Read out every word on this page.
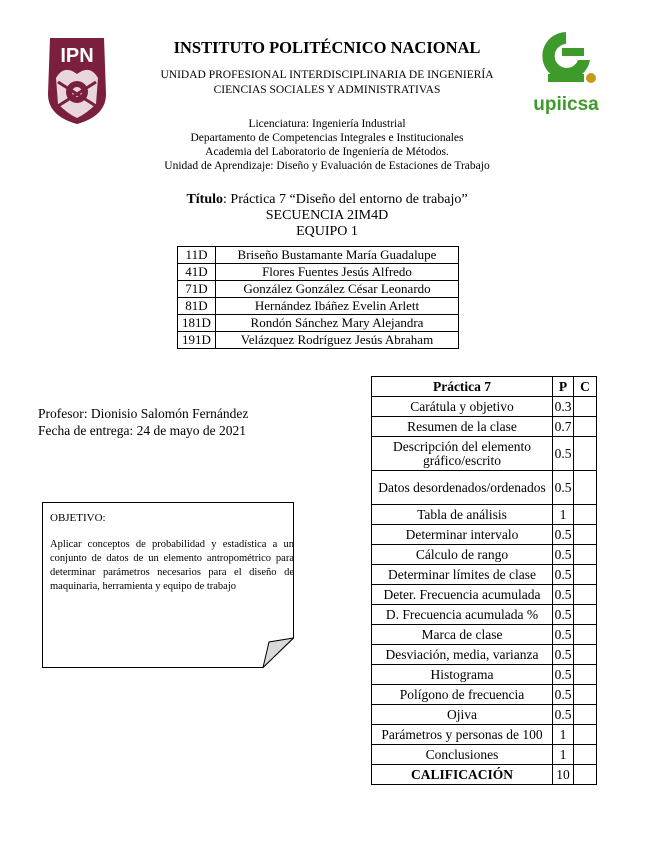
IPN
upiicsa
INSTITUTO POLITÉCNICO NACIONAL
UNIDAD PROFESIONAL INTERDISCIPLINARIA DE INGENIERÍA
CIENCIAS SOCIALES Y ADMINISTRATIVAS
Licenciatura: Ingeniería Industrial
Departamento de Competencias Integrales e Institucionales
Academia del Laboratorio de Ingeniería de Métodos.
Unidad de Aprendizaje: Diseño y Evaluación de Estaciones de Trabajo
Título: Práctica 7 “Diseño del entorno de trabajo”
SECUENCIA 2IM4D
EQUIPO 1
11D	Briseño Bustamante María Guadalupe
41D	Flores Fuentes Jesús Alfredo
71D	González González César Leonardo
81D	Hernández Ibáñez Evelin Arlett
181D	Rondón Sánchez Mary Alejandra
191D	Velázquez Rodríguez Jesús Abraham
Profesor: Dionisio Salomón Fernández
Fecha de entrega: 24 de mayo de 2021
OBJETIVO:
Aplicar conceptos de probabilidad y estadística a un conjunto de datos de un elemento antropométrico para determinar parámetros necesarios para el diseño de maquinaria, herramienta y equipo de trabajo
Práctica 7	P	C
Carátula y objetivo	0.3	
Resumen de la clase	0.7	
Descripción del elemento gráfico/escrito	0.5	
Datos desordenados/ordenados	0.5	
Tabla de análisis	1	
Determinar intervalo	0.5	
Cálculo de rango	0.5	
Determinar límites de clase	0.5	
Deter. Frecuencia acumulada	0.5	
D. Frecuencia acumulada %	0.5	
Marca de clase	0.5	
Desviación, media, varianza	0.5	
Histograma	0.5	
Polígono de frecuencia	0.5	
Ojiva	0.5	
Parámetros y personas de 100	1	
Conclusiones	1	
CALIFICACIÓN	10	
